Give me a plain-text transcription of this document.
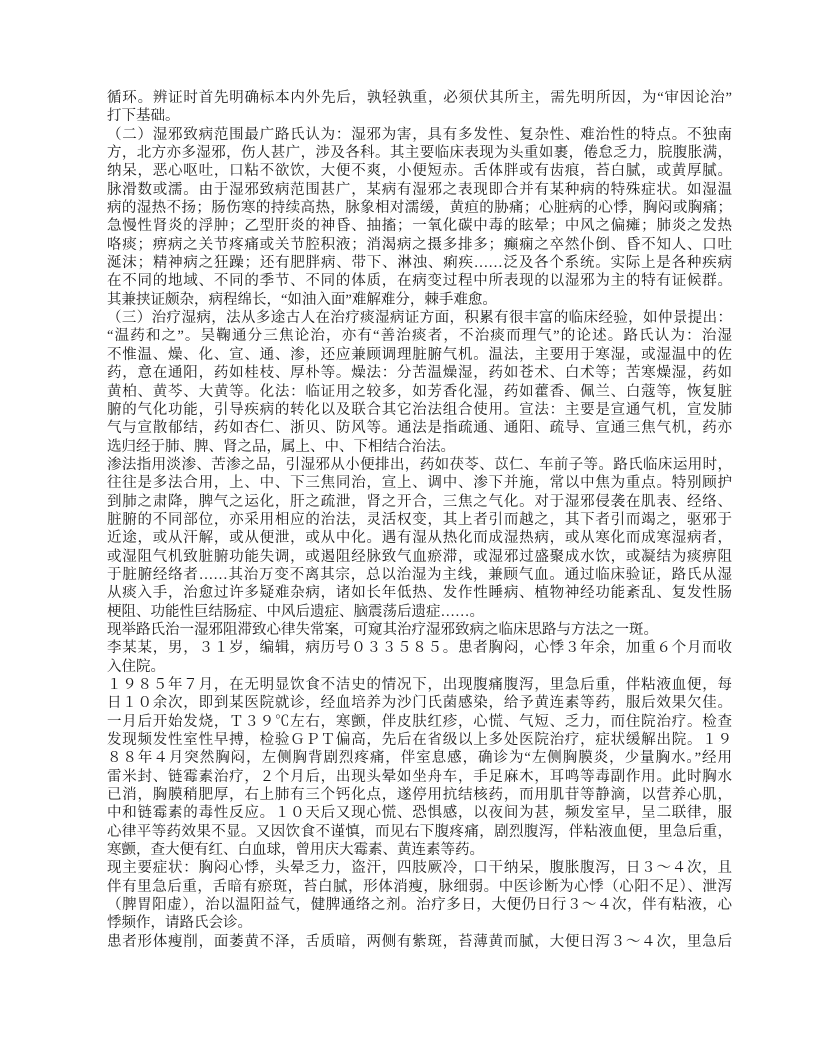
循环。辨证时首先明确标本内外先后，孰轻孰重，必须伏其所主，需先明所因，为“审因论治”
打下基础。
（二）湿邪致病范围最广路氏认为：湿邪为害，具有多发性、复杂性、难治性的特点。不独南
方，北方亦多湿邪，伤人甚广，涉及各科。其主要临床表现为头重如裹，倦怠乏力，脘腹胀满，
纳呆，恶心呕吐，口粘不欲饮，大便不爽，小便短赤。舌体胖或有齿痕，苔白腻，或黄厚腻。
脉滑数或濡。由于湿邪致病范围甚广，某病有湿邪之表现即合并有某种病的特殊症状。如湿温
病的湿热不扬；肠伤寒的持续高热，脉象相对濡缓，黄疸的胁痛；心脏病的心悸，胸闷或胸痛；
急慢性肾炎的浮肿；乙型肝炎的神昏、抽搐；一氧化碳中毒的眩晕；中风之偏瘫；肺炎之发热
咯痰；痹病之关节疼痛或关节腔积液；消渴病之摄多排多；癫痫之卒然仆倒、昏不知人、口吐
涎沫；精神病之狂躁；还有肥胖病、带下、淋浊、痢疾……泛及各个系统。实际上是各种疾病
在不同的地域、不同的季节、不同的体质，在病变过程中所表现的以湿邪为主的特有证候群。
其兼挟证颇杂，病程绵长，“如油入面”难解难分，棘手难愈。
（三）治疗湿病，法从多途古人在治疗痰湿病证方面，积累有很丰富的临床经验，如仲景提出：
“温药和之”。吴鞠通分三焦论治，亦有“善治痰者，不治痰而理气”的论述。路氏认为：治湿
不惟温、燥、化、宣、通、渗，还应兼顾调理脏腑气机。温法，主要用于寒湿，或湿温中的佐
药，意在通阳，药如桂枝、厚朴等。燥法：分苦温燥湿，药如苍术、白术等；苦寒燥湿，药如
黄柏、黄芩、大黄等。化法：临证用之较多，如芳香化湿，药如藿香、佩兰、白蔻等，恢复脏
腑的气化功能，引导疾病的转化以及联合其它治法组合使用。宣法：主要是宣通气机，宣发肺
气与宣散郁结，药如杏仁、浙贝、防风等。通法是指疏通、通阳、疏导、宣通三焦气机，药亦
选归经于肺、脾、肾之品，属上、中、下相结合治法。
渗法指用淡渗、苦渗之品，引湿邪从小便排出，药如茯苓、苡仁、车前子等。路氏临床运用时，
往往是多法合用，上、中、下三焦同治，宣上、调中、渗下并施，常以中焦为重点。特别顾护
到肺之肃降，脾气之运化，肝之疏泄，肾之开合，三焦之气化。对于湿邪侵袭在肌表、经络、
脏腑的不同部位，亦采用相应的治法，灵活权变，其上者引而越之，其下者引而竭之，驱邪于
近途，或从汗解，或从便泄，或从中化。遇有湿从热化而成湿热病，或从寒化而成寒湿病者，
或湿阻气机致脏腑功能失调，或遏阻经脉致气血瘀滞，或湿邪过盛聚成水饮，或凝结为痰痹阻
于脏腑经络者……其治万变不离其宗，总以治湿为主线，兼顾气血。通过临床验证，路氏从湿
从痰入手，治愈过许多疑难杂病，诸如长年低热、发作性睡病、植物神经功能紊乱、复发性肠
梗阻、功能性巨结肠症、中风后遗症、脑震荡后遗症……。
现举路氏治一湿邪阻滞致心律失常案，可窥其治疗湿邪致病之临床思路与方法之一斑。
李某某，男，３１岁，编辑，病历号０３３５８５。患者胸闷，心悸３年余，加重６个月而收
入住院。
１９８５年７月，在无明显饮食不洁史的情况下，出现腹痛腹泻，里急后重，伴粘液血便，每
日１０余次，即到某医院就诊，经血培养为沙门氏菌感染，给予黄连素等药，服后效果欠佳。
一月后开始发烧，Ｔ３９℃左右，寒颤，伴皮肤红疹，心慌、气短、乏力，而住院治疗。检查
发现频发性室性早搏，检验ＧＰＴ偏高，先后在省级以上多处医院治疗，症状缓解出院。１９
８８年４月突然胸闷，左侧胸背剧烈疼痛，伴室息感，确诊为“左侧胸膜炎，少量胸水。”经用
雷米封、链霉素治疗，２个月后，出现头晕如坐舟车，手足麻木，耳鸣等毒副作用。此时胸水
已消，胸膜稍肥厚，右上肺有三个钙化点，遂停用抗结核药，而用肌苷等静滴，以营养心肌，
中和链霉素的毒性反应。１０天后又现心慌、恐惧感，以夜间为甚，频发室早，呈二联律，服
心律平等药效果不显。又因饮食不谨慎，而见右下腹疼痛，剧烈腹泻，伴粘液血便，里急后重，
寒颤，查大便有红、白血球，曾用庆大霉素、黄连素等药。
现主要症状：胸闷心悸，头晕乏力，盗汗，四肢厥冷，口干纳呆，腹胀腹泻，日３～４次，且
伴有里急后重，舌暗有瘀斑，苔白腻，形体消瘦，脉细弱。中医诊断为心悸（心阳不足）、泄泻
（脾胃阳虚），治以温阳益气，健脾通络之剂。治疗多日，大便仍日行３～４次，伴有粘液，心
悸频作，请路氏会诊。
患者形体瘦削，面萎黄不泽，舌质暗，两侧有紫斑，苔薄黄而腻，大便日泻３～４次，里急后
